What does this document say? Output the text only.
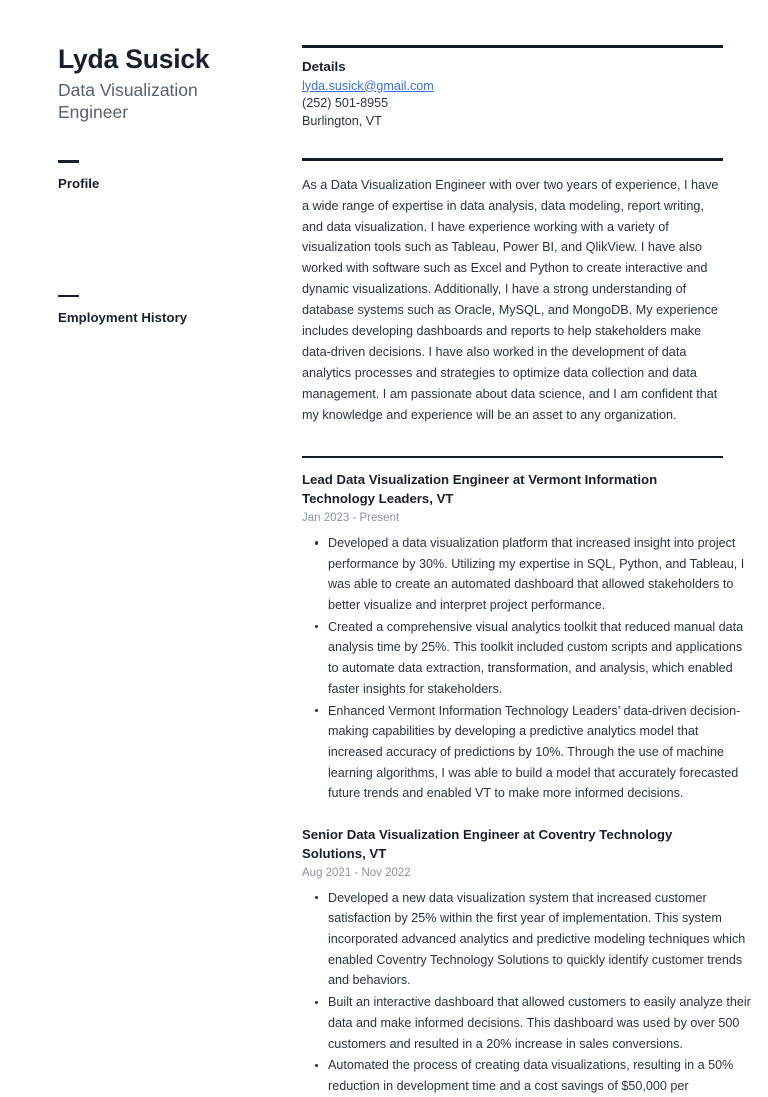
Lyda Susick
Data Visualization Engineer
Profile
Employment History
Details
lyda.susick@gmail.com
(252) 501-8955
Burlington, VT
As a Data Visualization Engineer with over two years of experience, I have a wide range of expertise in data analysis, data modeling, report writing, and data visualization. I have experience working with a variety of visualization tools such as Tableau, Power BI, and QlikView. I have also worked with software such as Excel and Python to create interactive and dynamic visualizations. Additionally, I have a strong understanding of database systems such as Oracle, MySQL, and MongoDB. My experience includes developing dashboards and reports to help stakeholders make data-driven decisions. I have also worked in the development of data analytics processes and strategies to optimize data collection and data management. I am passionate about data science, and I am confident that my knowledge and experience will be an asset to any organization.
Lead Data Visualization Engineer at Vermont Information Technology Leaders, VT
Jan 2023 - Present
Developed a data visualization platform that increased insight into project performance by 30%. Utilizing my expertise in SQL, Python, and Tableau, I was able to create an automated dashboard that allowed stakeholders to better visualize and interpret project performance.
Created a comprehensive visual analytics toolkit that reduced manual data analysis time by 25%. This toolkit included custom scripts and applications to automate data extraction, transformation, and analysis, which enabled faster insights for stakeholders.
Enhanced Vermont Information Technology Leaders’ data-driven decision-making capabilities by developing a predictive analytics model that increased accuracy of predictions by 10%. Through the use of machine learning algorithms, I was able to build a model that accurately forecasted future trends and enabled VT to make more informed decisions.
Senior Data Visualization Engineer at Coventry Technology Solutions, VT
Aug 2021 - Nov 2022
Developed a new data visualization system that increased customer satisfaction by 25% within the first year of implementation. This system incorporated advanced analytics and predictive modeling techniques which enabled Coventry Technology Solutions to quickly identify customer trends and behaviors.
Built an interactive dashboard that allowed customers to easily analyze their data and make informed decisions. This dashboard was used by over 500 customers and resulted in a 20% increase in sales conversions.
Automated the process of creating data visualizations, resulting in a 50% reduction in development time and a cost savings of $50,000 per
